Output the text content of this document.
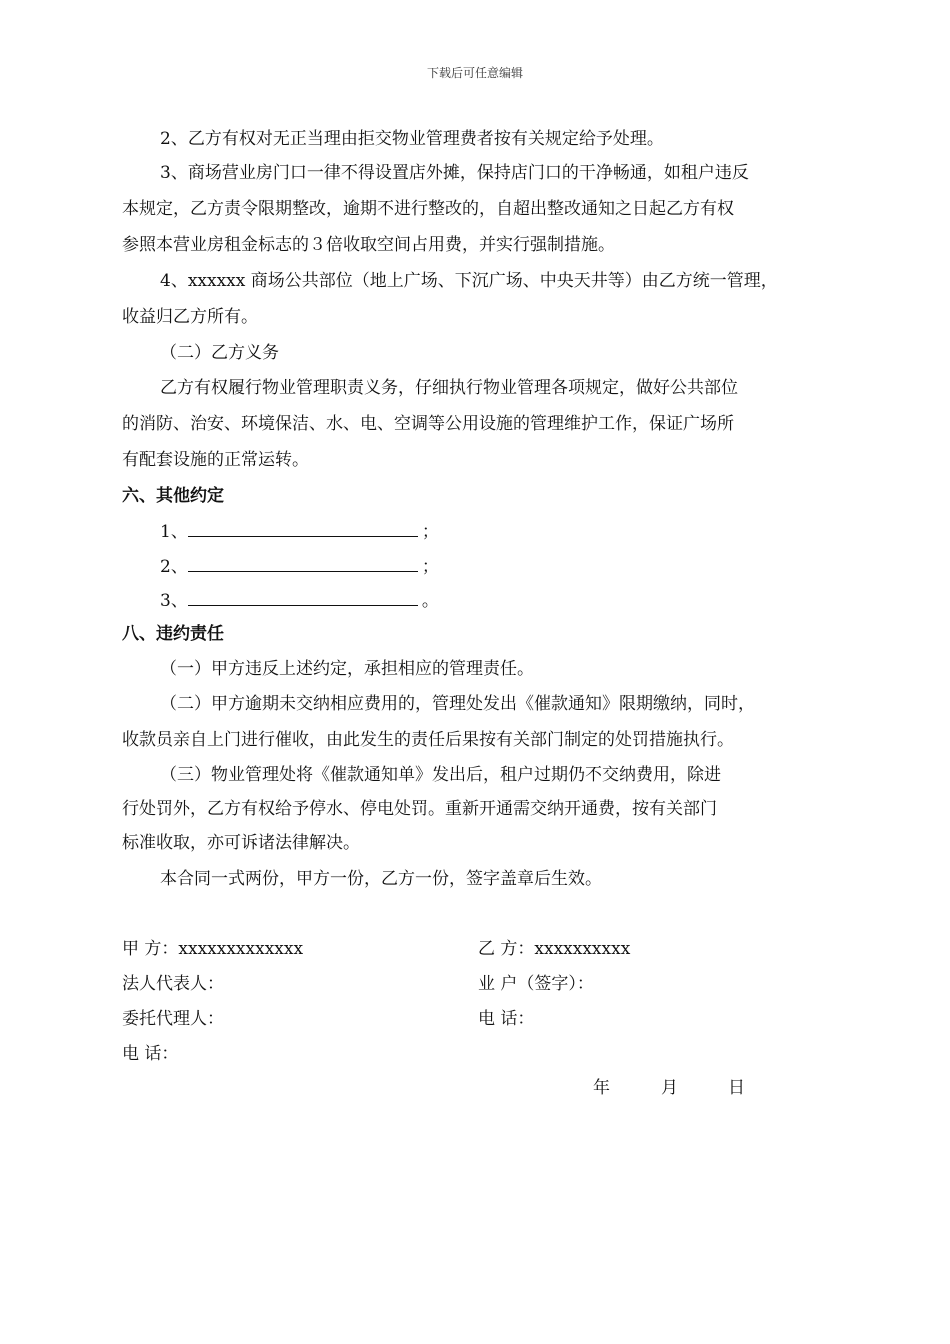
下载后可任意编辑
2、乙方有权对无正当理由拒交物业管理费者按有关规定给予处理。
3、商场营业房门口一律不得设置店外摊，保持店门口的干净畅通，如租户违反
本规定，乙方责令限期整改，逾期不进行整改的，自超出整改通知之日起乙方有权
参照本营业房租金标志的３倍收取空间占用费，并实行强制措施。
4、xxxxxx 商场公共部位（地上广场、下沉广场、中央天井等）由乙方统一管理，
收益归乙方所有。
（二）乙方义务
乙方有权履行物业管理职责义务，仔细执行物业管理各项规定，做好公共部位
的消防、治安、环境保洁、水、电、空调等公用设施的管理维护工作，保证广场所
有配套设施的正常运转。
六、其他约定
1、	；
2、	；
3、	。
八、违约责任
（一）甲方违反上述约定，承担相应的管理责任。
（二）甲方逾期未交纳相应费用的，管理处发出《催款通知》限期缴纳，同时，
收款员亲自上门进行催收，由此发生的责任后果按有关部门制定的处罚措施执行。
（三）物业管理处将《催款通知单》发出后，租户过期仍不交纳费用，除进
行处罚外，乙方有权给予停水、停电处罚。重新开通需交纳开通费，按有关部门
标准收取，亦可诉诸法律解决。
本合同一式两份，甲方一份，乙方一份，签字盖章后生效。
甲 方：xxxxxxxxxxxxx	乙 方：xxxxxxxxxx
法人代表人：	业 户（签字）：
委托代理人：	电 话：
电 话：
年	月	日
